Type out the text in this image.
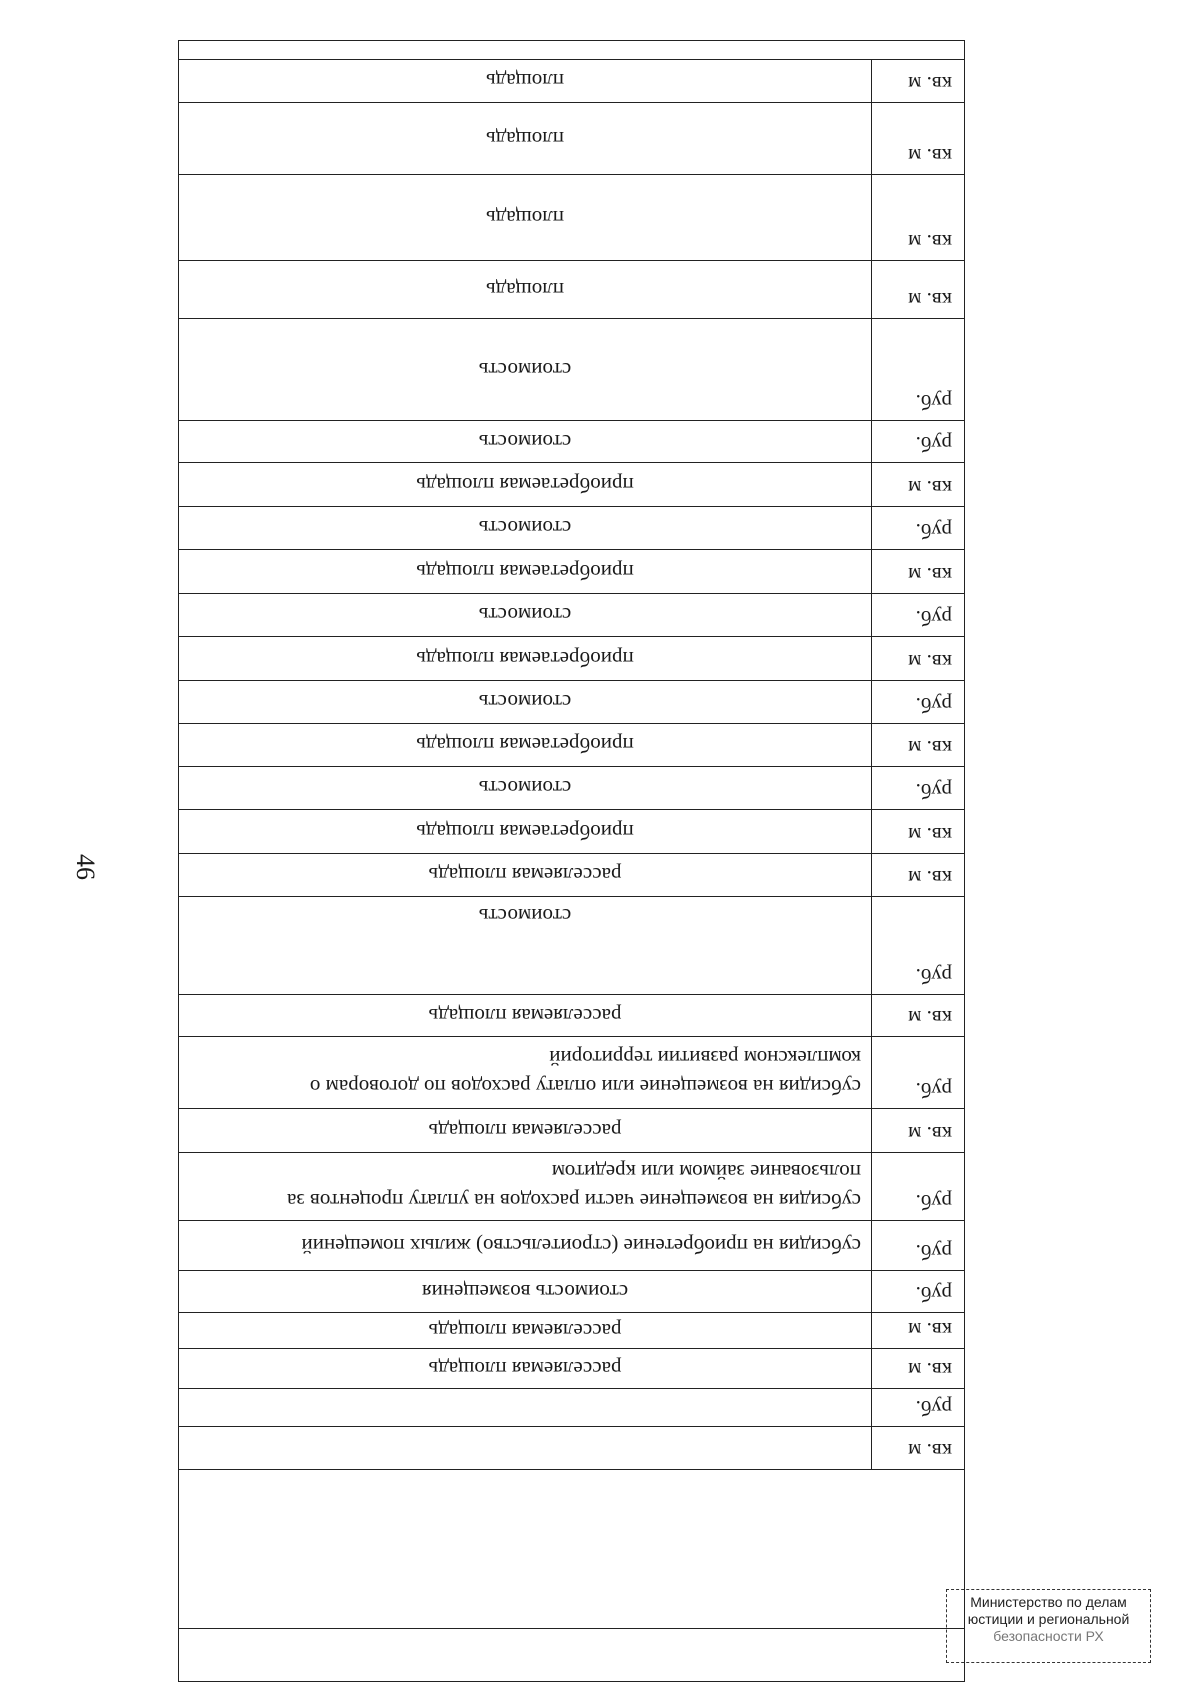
46
кв. м
руб.
кв. м
расселяемая площадь
кв. м
расселяемая площадь
руб.
стоимость возмещения
руб.
субсидия на приобретение (строительство) жилых помещений
руб.
субсидия на возмещение части расходов на уплату процентов за пользование займом или кредитом
кв. м
расселяемая площадь
руб.
субсидия на возмещение или оплату расходов по договорам о комплексном развитии территорий
кв. м
расселяемая площадь
руб.
стоимость
кв. м
расселяемая площадь
кв. м
приобретаемая площадь
руб.
стоимость
кв. м
приобретаемая площадь
руб.
стоимость
кв. м
приобретаемая площадь
руб.
стоимость
кв. м
приобретаемая площадь
руб.
стоимость
кв. м
приобретаемая площадь
руб.
стоимость
руб.
стоимость
кв. м
площадь
кв. м
площадь
кв. м
площадь
кв. м
площадь
Министерство по делам
юстиции и региональной
безопасности РХ
